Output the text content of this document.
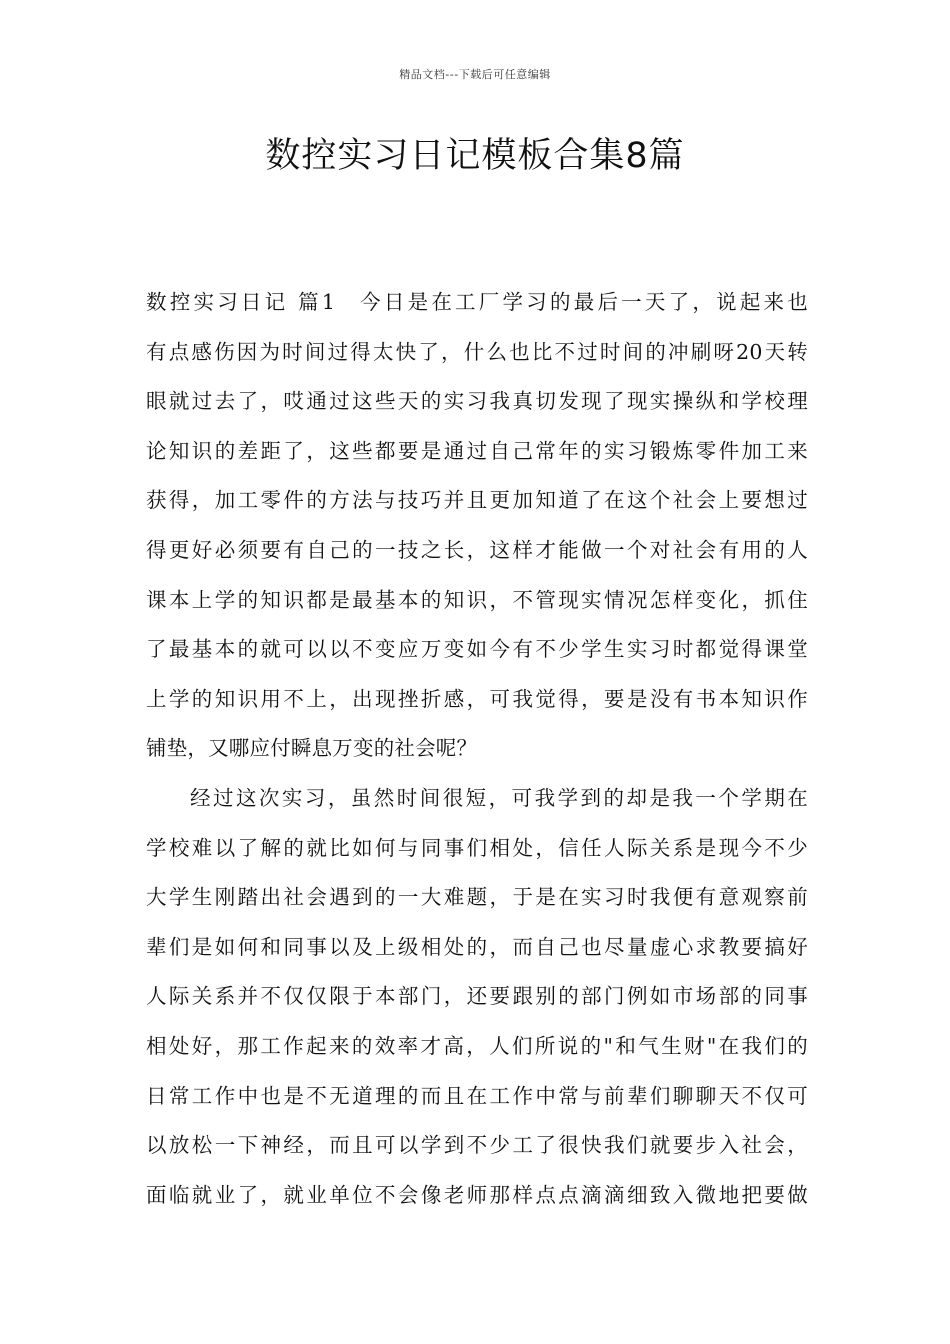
精品文档---下载后可任意编辑
数控实习日记模板合集8篇
数控实习日记 篇1 今日是在工厂学习的最后一天了，说起来也
有点感伤因为时间过得太快了，什么也比不过时间的冲刷呀20天转
眼就过去了，哎通过这些天的实习我真切发现了现实操纵和学校理
论知识的差距了，这些都要是通过自己常年的实习锻炼零件加工来
获得，加工零件的方法与技巧并且更加知道了在这个社会上要想过
得更好必须要有自己的一技之长，这样才能做一个对社会有用的人
课本上学的知识都是最基本的知识，不管现实情况怎样变化，抓住
了最基本的就可以以不变应万变如今有不少学生实习时都觉得课堂
上学的知识用不上，出现挫折感，可我觉得，要是没有书本知识作
铺垫，又哪应付瞬息万变的社会呢？
经过这次实习，虽然时间很短，可我学到的却是我一个学期在
学校难以了解的就比如何与同事们相处，信任人际关系是现今不少
大学生刚踏出社会遇到的一大难题，于是在实习时我便有意观察前
辈们是如何和同事以及上级相处的，而自己也尽量虚心求教要搞好
人际关系并不仅仅限于本部门，还要跟别的部门例如市场部的同事
相处好，那工作起来的效率才高，人们所说的"和气生财"在我们的
日常工作中也是不无道理的而且在工作中常与前辈们聊聊天不仅可
以放松一下神经，而且可以学到不少工了很快我们就要步入社会，
面临就业了，就业单位不会像老师那样点点滴滴细致入微地把要做
